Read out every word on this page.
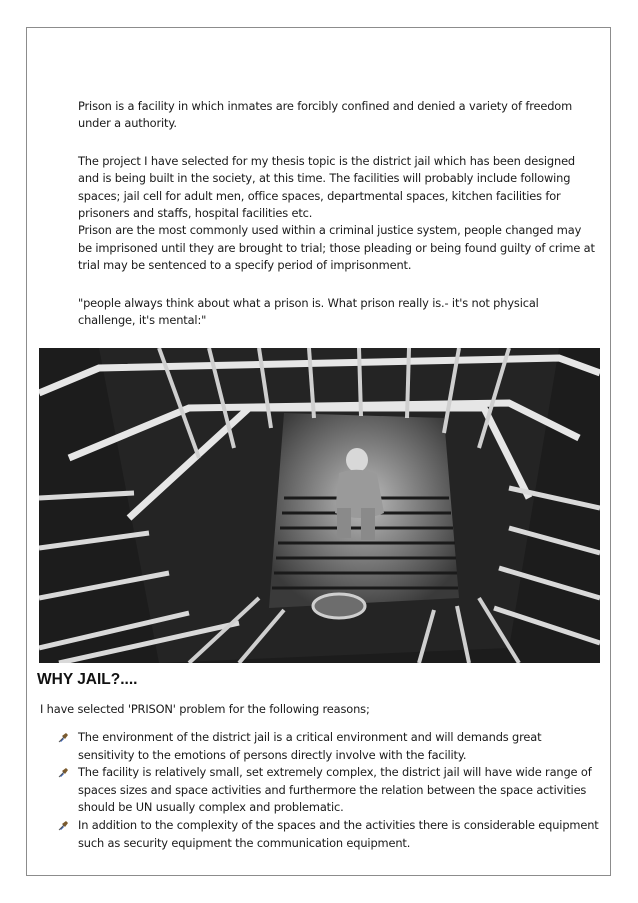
Prison is a facility in which inmates are forcibly confined and denied a variety of freedom under a authority.

The project I have selected for my thesis topic is the district jail which has been designed and is being built in the society, at this time. The facilities will probably include following spaces; jail cell for adult men, office spaces, departmental spaces, kitchen facilities for prisoners and staffs, hospital facilities etc.

Prison are the most commonly used within a criminal justice system, people changed may be imprisoned until they are brought to trial; those pleading or being found guilty of crime at trial may be sentenced to a specify period of imprisonment.

"people always think about what a prison is. What prison really is.- it's not physical challenge, it's mental:"

WHY JAIL?....

I have selected 'PRISON' problem for the following reasons;

The environment of the district jail is a critical environment and will demands great sensitivity to the emotions of persons directly involve with the facility.
The facility is relatively small, set extremely complex, the district jail will have wide range of spaces sizes and space activities and furthermore the relation between the space activities should be UN usually complex and problematic.
In addition to the complexity of the spaces and the activities there is considerable equipment such as security equipment the communication equipment.
